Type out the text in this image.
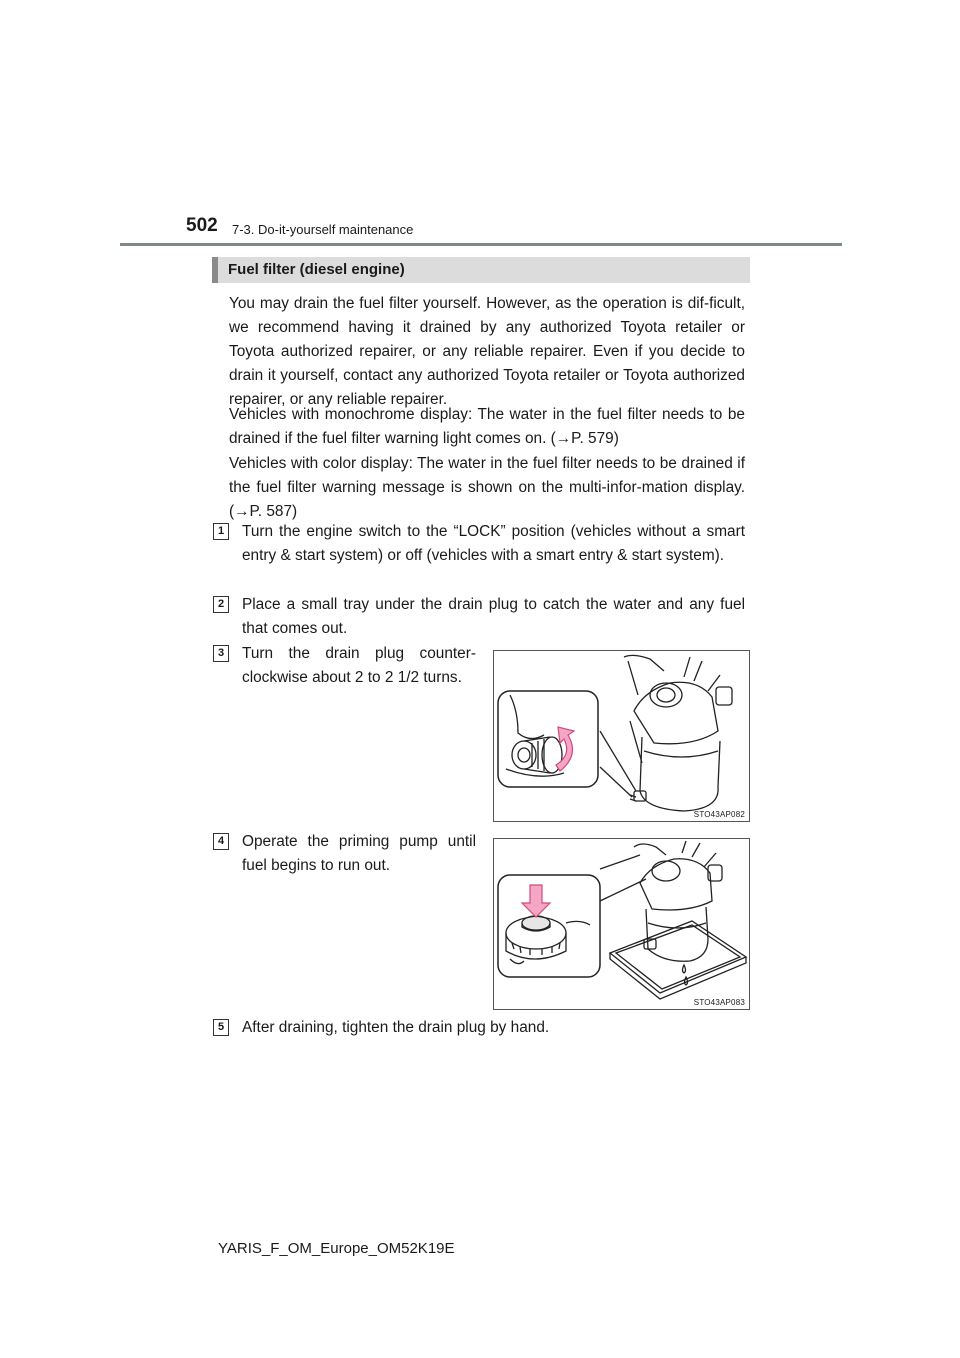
502 7-3. Do-it-yourself maintenance
Fuel filter (diesel engine)

You may drain the fuel filter yourself. However, as the operation is dif-ficult, we recommend having it drained by any authorized Toyota retailer or Toyota authorized repairer, or any reliable repairer. Even if you decide to drain it yourself, contact any authorized Toyota retailer or Toyota authorized repairer, or any reliable repairer.

Vehicles with monochrome display: The water in the fuel filter needs to be drained if the fuel filter warning light comes on. (→P. 579)

Vehicles with color display: The water in the fuel filter needs to be drained if the fuel filter warning message is shown on the multi-infor-mation display. (→P. 587)

1	Turn the engine switch to the “LOCK” position (vehicles without a smart entry & start system) or off (vehicles with a smart entry & start system).

2	Place a small tray under the drain plug to catch the water and any fuel that comes out.

3	Turn the drain plug counter-clockwise about 2 to 2 1/2 turns.

4	Operate the priming pump until fuel begins to run out.

5	After draining, tighten the drain plug by hand.

STO43AP082
STO43AP083
YARIS_F_OM_Europe_OM52K19E
